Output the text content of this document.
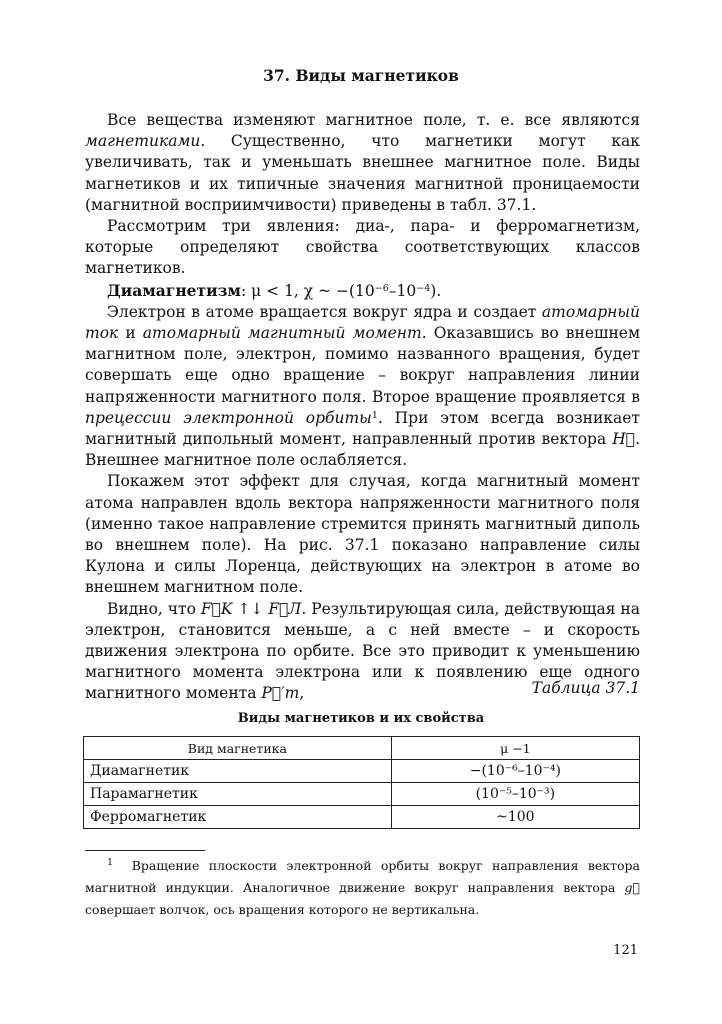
37. Виды магнетиков

Все вещества изменяют магнитное поле, т. е. все являются магнетиками. Существенно, что магнетики могут как увеличивать, так и уменьшать внешнее магнитное поле. Виды магнетиков и их типичные значения магнитной проницаемости (магнитной восприимчивости) приведены в табл. 37.1.

Рассмотрим три явления: диа-, пара- и ферромагнетизм, которые определяют свойства соответствующих классов магнетиков.

Диамагнетизм: μ < 1, χ ~ $-(10^{-6}-10^{-4})$.

Электрон в атоме вращается вокруг ядра и создает атомарный ток и атомарный магнитный момент. Оказавшись во внешнем магнитном поле, электрон, помимо названного вращения, будет совершать еще одно вращение – вокруг направления линии напряженности магнитного поля. Второе вращение проявляется в прецессии электронной орбиты$^1$. При этом всегда возникает магнитный дипольный момент, направленный против вектора H⃗. Внешнее магнитное поле ослабляется.

Покажем этот эффект для случая, когда магнитный момент атома направлен вдоль вектора напряженности магнитного поля (именно такое направление стремится принять магнитный диполь во внешнем поле). На рис. 37.1 показано направление силы Кулона и силы Лоренца, действующих на электрон в атоме во внешнем магнитном поле.

Видно, что F⃗K ↑↓ F⃗Л. Результирующая сила, действующая на электрон, становится меньше, а с ней вместе – и скорость движения электрона по орбите. Все это приводит к уменьшению магнитного момента электрона или к появлению еще одного магнитного момента P⃗′m,	Таблица 37.1
Виды магнетиков и их свойства
Вид магнетика	μ −1
Диамагнетик	−(10⁻⁶–10⁻⁴)
Парамагнетик	(10⁻⁵–10⁻³)
Ферромагнетик	~100

$^1$ Вращение плоскости электронной орбиты вокруг направления вектора магнитной индукции. Аналогичное движение вокруг направления вектора g⃗ совершает волчок, ось вращения которого не вертикальна.

121
